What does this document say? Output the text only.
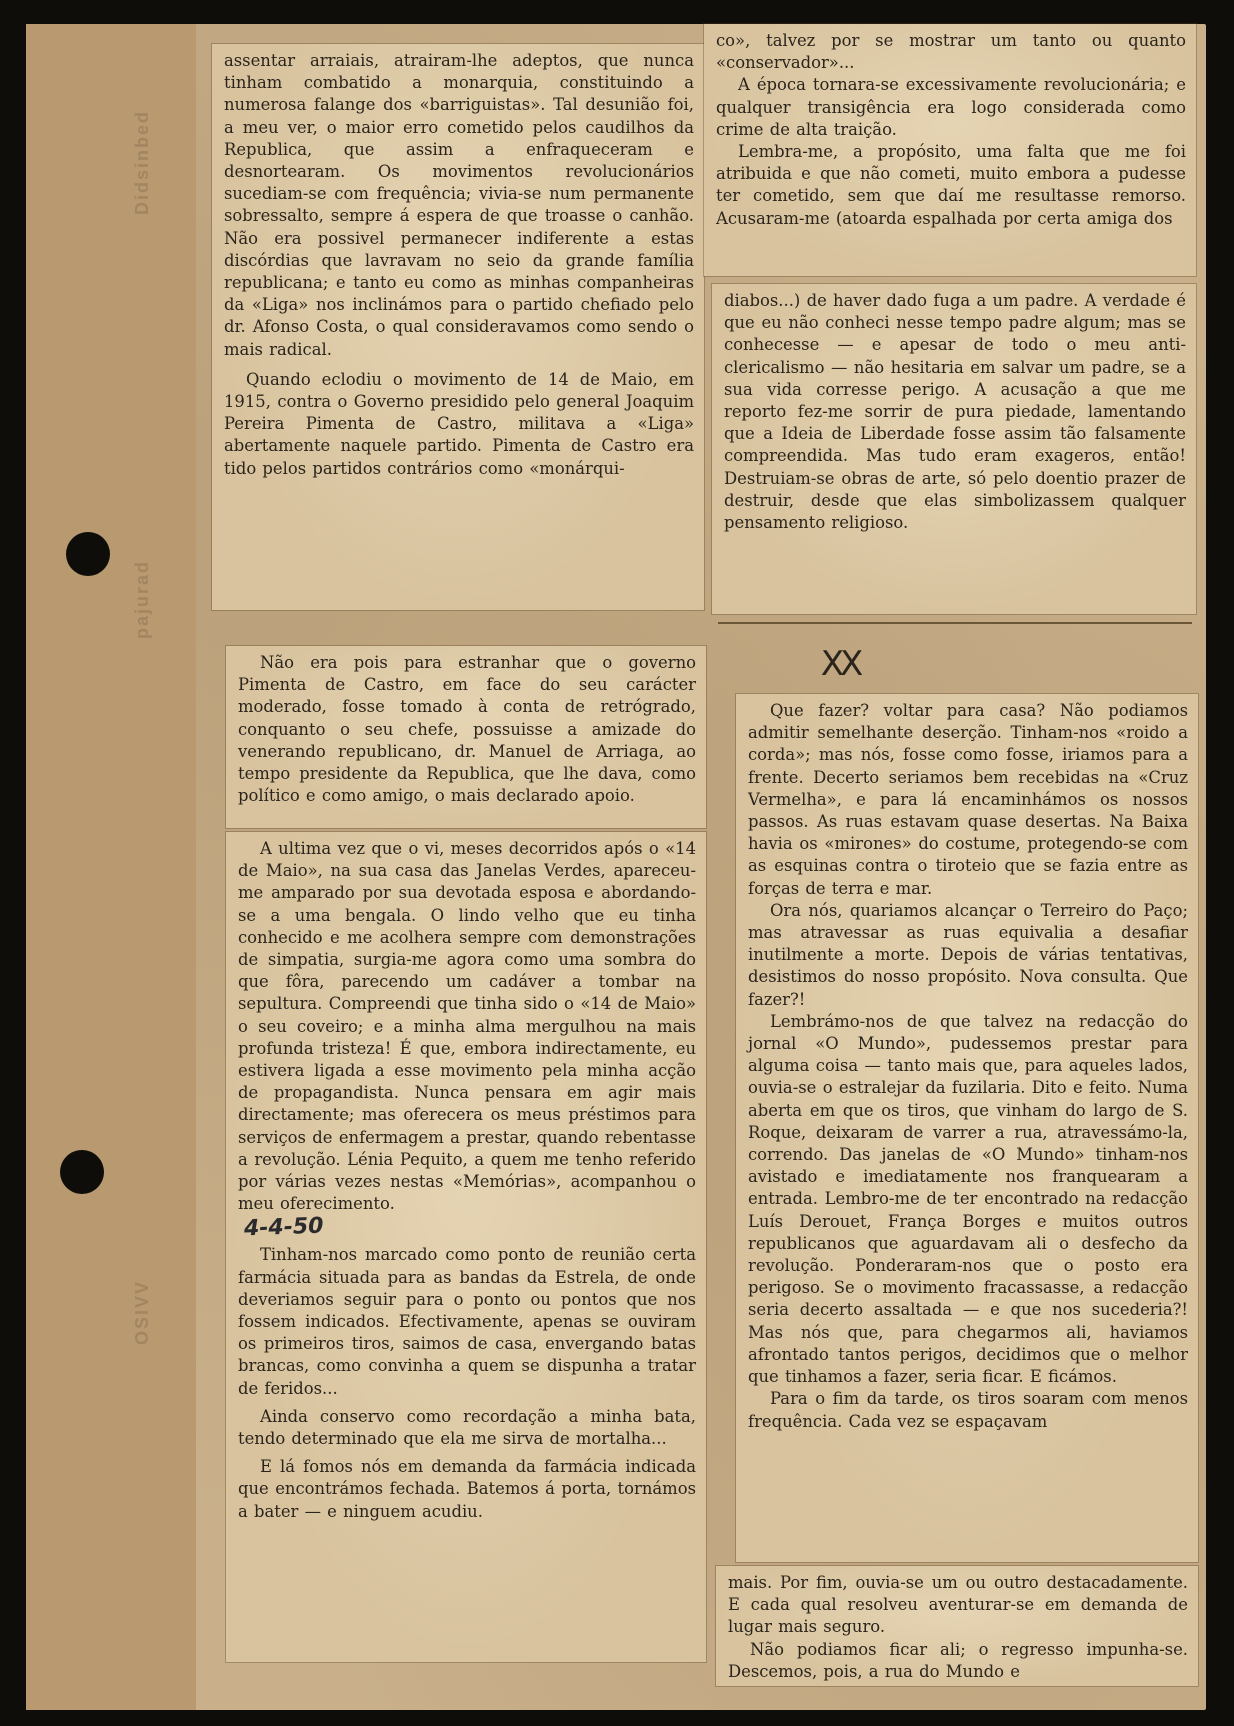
Didsinbed
pajurad
OSIVV

assentar arraiais, atrairam-lhe adeptos, que nunca tinham combatido a monarquia, constituindo a numerosa falange dos «barriguistas». Tal desunião foi, a meu ver, o maior erro cometido pelos caudilhos da Republica, que assim a enfraqueceram e desnortearam. Os movimentos revolucionários sucediam-se com frequência; vivia-se num permanente sobressalto, sempre á espera de que troasse o canhão. Não era possivel permanecer indiferente a estas discórdias que lavravam no seio da grande família republicana; e tanto eu como as minhas companheiras da «Liga» nos inclinámos para o partido chefiado pelo dr. Afonso Costa, o qual consideravamos como sendo o mais radical.

Quando eclodiu o movimento de 14 de Maio, em 1915, contra o Governo presidido pelo general Joaquim Pereira Pimenta de Castro, militava a «Liga» abertamente naquele partido. Pimenta de Castro era tido pelos partidos contrários como «monárqui-

co», talvez por se mostrar um tanto ou quanto «conservador»...

A época tornara-se excessivamente revolucionária; e qualquer transigência era logo considerada como crime de alta traição.

Lembra-me, a propósito, uma falta que me foi atribuida e que não cometi, muito embora a pudesse ter cometido, sem que daí me resultasse remorso. Acusaram-me (atoarda espalhada por certa amiga dos

diabos...) de haver dado fuga a um padre. A verdade é que eu não conheci nesse tempo padre algum; mas se conhecesse — e apesar de todo o meu anti-clericalismo — não hesitaria em salvar um padre, se a sua vida corresse perigo. A acusação a que me reporto fez-me sorrir de pura piedade, lamentando que a Ideia de Liberdade fosse assim tão falsamente compreendida. Mas tudo eram exageros, então! Destruiam-se obras de arte, só pelo doentio prazer de destruir, desde que elas simbolizassem qualquer pensamento religioso.

XX

Não era pois para estranhar que o governo Pimenta de Castro, em face do seu carácter moderado, fosse tomado à conta de retrógrado, conquanto o seu chefe, possuisse a amizade do venerando republicano, dr. Manuel de Arriaga, ao tempo presidente da Republica, que lhe dava, como político e como amigo, o mais declarado apoio.

A ultima vez que o vi, meses decorridos após o «14 de Maio», na sua casa das Janelas Verdes, apareceu-me amparado por sua devotada esposa e abordando-se a uma bengala. O lindo velho que eu tinha conhecido e me acolhera sempre com demonstrações de simpatia, surgia-me agora como uma sombra do que fôra, parecendo um cadáver a tombar na sepultura. Compreendi que tinha sido o «14 de Maio» o seu coveiro; e a minha alma mergulhou na mais profunda tristeza! É que, embora indirectamente, eu estivera ligada a esse movimento pela minha acção de propagandista. Nunca pensara em agir mais directamente; mas oferecera os meus préstimos para serviços de enfermagem a prestar, quando rebentasse a revolução. Lénia Pequito, a quem me tenho referido por várias vezes nestas «Memórias», acompanhou o meu oferecimento.

4-4-50

Tinham-nos marcado como ponto de reunião certa farmácia situada para as bandas da Estrela, de onde deveriamos seguir para o ponto ou pontos que nos fossem indicados. Efectivamente, apenas se ouviram os primeiros tiros, saimos de casa, envergando batas brancas, como convinha a quem se dispunha a tratar de feridos...

Ainda conservo como recordação a minha bata, tendo determinado que ela me sirva de mortalha...

E lá fomos nós em demanda da farmácia indicada que encontrámos fechada. Batemos á porta, tornámos a bater — e ninguem acudiu.

Que fazer? voltar para casa? Não podiamos admitir semelhante deserção. Tinham-nos «roido a corda»; mas nós, fosse como fosse, iriamos para a frente. Decerto seriamos bem recebidas na «Cruz Vermelha», e para lá encaminhámos os nossos passos. As ruas estavam quase desertas. Na Baixa havia os «mirones» do costume, protegendo-se com as esquinas contra o tiroteio que se fazia entre as forças de terra e mar.

Ora nós, quariamos alcançar o Terreiro do Paço; mas atravessar as ruas equivalia a desafiar inutilmente a morte. Depois de várias tentativas, desistimos do nosso propósito. Nova consulta. Que fazer?!

Lembrámo-nos de que talvez na redacção do jornal «O Mundo», pudessemos prestar para alguma coisa — tanto mais que, para aqueles lados, ouvia-se o estralejar da fuzilaria. Dito e feito. Numa aberta em que os tiros, que vinham do largo de S. Roque, deixaram de varrer a rua, atravessámo-la, correndo. Das janelas de «O Mundo» tinham-nos avistado e imediatamente nos franquearam a entrada. Lembro-me de ter encontrado na redacção Luís Derouet, França Borges e muitos outros republicanos que aguardavam ali o desfecho da revolução. Ponderaram-nos que o posto era perigoso. Se o movimento fracassasse, a redacção seria decerto assaltada — e que nos sucederia?! Mas nós que, para chegarmos ali, haviamos afrontado tantos perigos, decidimos que o melhor que tinhamos a fazer, seria ficar. E ficámos.

Para o fim da tarde, os tiros soaram com menos frequência. Cada vez se espaçavam

mais. Por fim, ouvia-se um ou outro destacadamente. E cada qual resolveu aventurar-se em demanda de lugar mais seguro.

Não podiamos ficar ali; o regresso impunha-se. Descemos, pois, a rua do Mundo e
